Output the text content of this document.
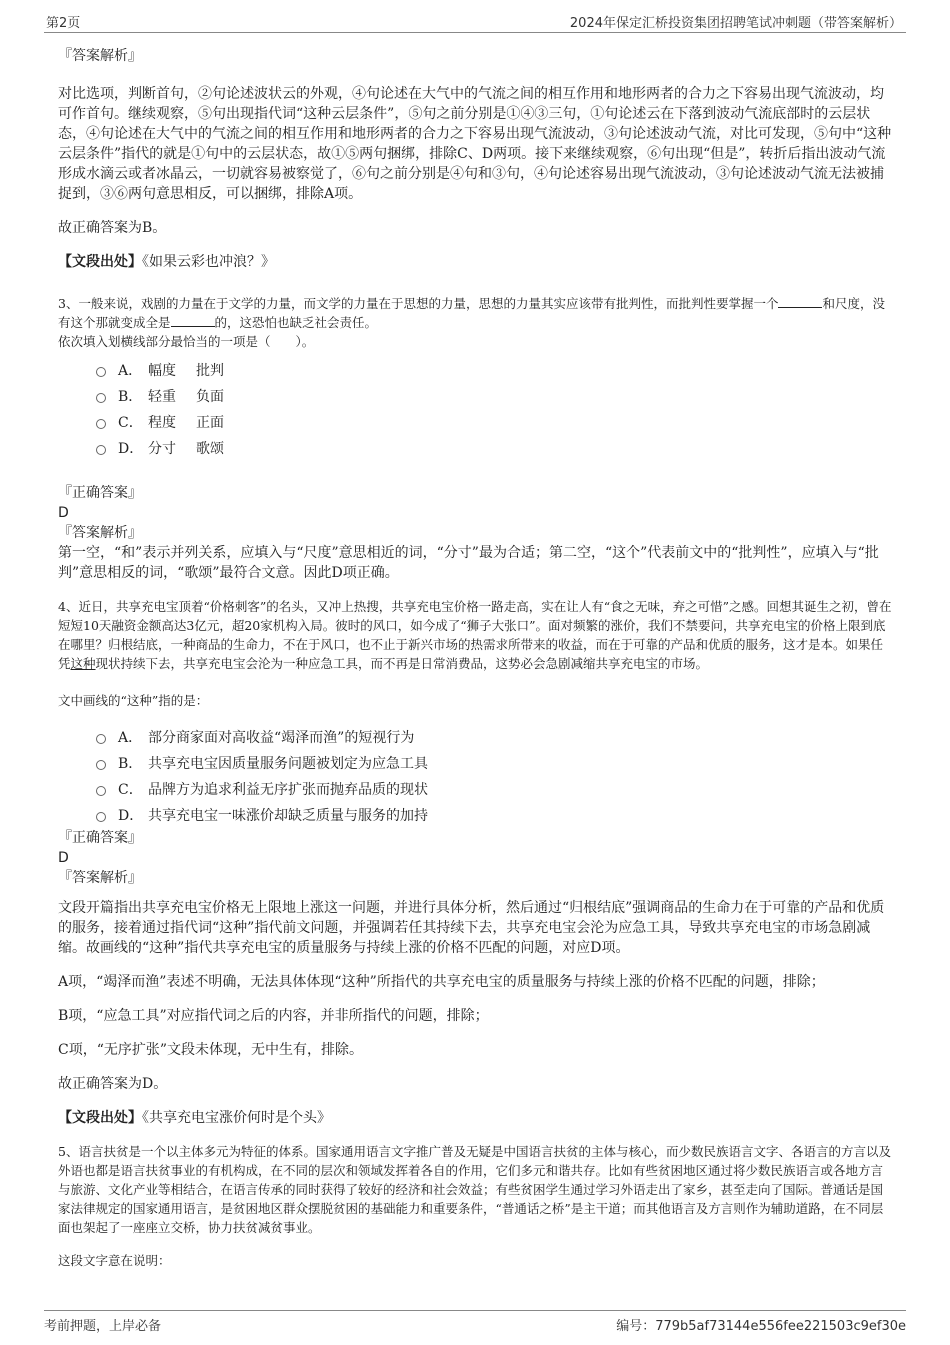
第2页	2024年保定汇桥投资集团招聘笔试冲刺题（带答案解析）

『答案解析』

对比选项，判断首句，②句论述波状云的外观，④句论述在大气中的气流之间的相互作用和地形两者的合力之下容易出现气流波动，均可作首句。继续观察，⑤句出现指代词“这种云层条件”，⑤句之前分别是①④③三句，①句论述云在下落到波动气流底部时的云层状态，④句论述在大气中的气流之间的相互作用和地形两者的合力之下容易出现气流波动，③句论述波动气流，对比可发现，⑤句中“这种云层条件”指代的就是①句中的云层状态，故①⑤两句捆绑，排除C、D两项。接下来继续观察，⑥句出现“但是”，转折后指出波动气流形成水滴云或者冰晶云，一切就容易被察觉了，⑥句之前分别是④句和③句，④句论述容易出现气流波动，③句论述波动气流无法被捕捉到，③⑥两句意思相反，可以捆绑，排除A项。

故正确答案为B。

【文段出处】《如果云彩也冲浪？》

3、一般来说，戏剧的力量在于文学的力量，而文学的力量在于思想的力量，思想的力量其实应该带有批判性，而批判性要掌握一个	和尺度，没有这个那就变成全是	的，这恐怕也缺乏社会责任。

依次填入划横线部分最恰当的一项是（　　）。

A． 幅度	批判
B． 轻重	负面
C． 程度	正面
D． 分寸	歌颂

『正确答案』

D

『答案解析』

第一空，“和”表示并列关系，应填入与“尺度”意思相近的词，“分寸”最为合适；第二空，“这个”代表前文中的“批判性”，应填入与“批判”意思相反的词，“歌颂”最符合文意。因此D项正确。

4、近日，共享充电宝顶着“价格刺客”的名头，又冲上热搜，共享充电宝价格一路走高，实在让人有“食之无味，弃之可惜”之感。回想其诞生之初，曾在短短10天融资金额高达3亿元，超20家机构入局。彼时的风口，如今成了“狮子大张口”。面对频繁的涨价，我们不禁要问，共享充电宝的价格上限到底在哪里？归根结底，一种商品的生命力，不在于风口，也不止于新兴市场的热需求所带来的收益，而在于可靠的产品和优质的服务，这才是本。如果任凭这种现状持续下去，共享充电宝会沦为一种应急工具，而不再是日常消费品，这势必会急剧减缩共享充电宝的市场。

文中画线的“这种”指的是：

A． 部分商家面对高收益“竭泽而渔”的短视行为
B． 共享充电宝因质量服务问题被划定为应急工具
C． 品牌方为追求利益无序扩张而抛弃品质的现状
D． 共享充电宝一味涨价却缺乏质量与服务的加持

『正确答案』

D

『答案解析』

文段开篇指出共享充电宝价格无上限地上涨这一问题，并进行具体分析，然后通过“归根结底”强调商品的生命力在于可靠的产品和优质的服务，接着通过指代词“这种”指代前文问题，并强调若任其持续下去，共享充电宝会沦为应急工具，导致共享充电宝的市场急剧减缩。故画线的“这种”指代共享充电宝的质量服务与持续上涨的价格不匹配的问题，对应D项。

A项，“竭泽而渔”表述不明确，无法具体体现“这种”所指代的共享充电宝的质量服务与持续上涨的价格不匹配的问题，排除；

B项，“应急工具”对应指代词之后的内容，并非所指代的问题，排除；

C项，“无序扩张”文段未体现，无中生有，排除。

故正确答案为D。

【文段出处】《共享充电宝涨价何时是个头》

5、语言扶贫是一个以主体多元为特征的体系。国家通用语言文字推广普及无疑是中国语言扶贫的主体与核心，而少数民族语言文字、各语言的方言以及外语也都是语言扶贫事业的有机构成，在不同的层次和领域发挥着各自的作用，它们多元和谐共存。比如有些贫困地区通过将少数民族语言或各地方言与旅游、文化产业等相结合，在语言传承的同时获得了较好的经济和社会效益；有些贫困学生通过学习外语走出了家乡，甚至走向了国际。普通话是国家法律规定的国家通用语言，是贫困地区群众摆脱贫困的基础能力和重要条件，“普通话之桥”是主干道；而其他语言及方言则作为辅助道路，在不同层面也架起了一座座立交桥，协力扶贫减贫事业。

这段文字意在说明：

考前押题，上岸必备	编号：779b5af73144e556fee221503c9ef30e
